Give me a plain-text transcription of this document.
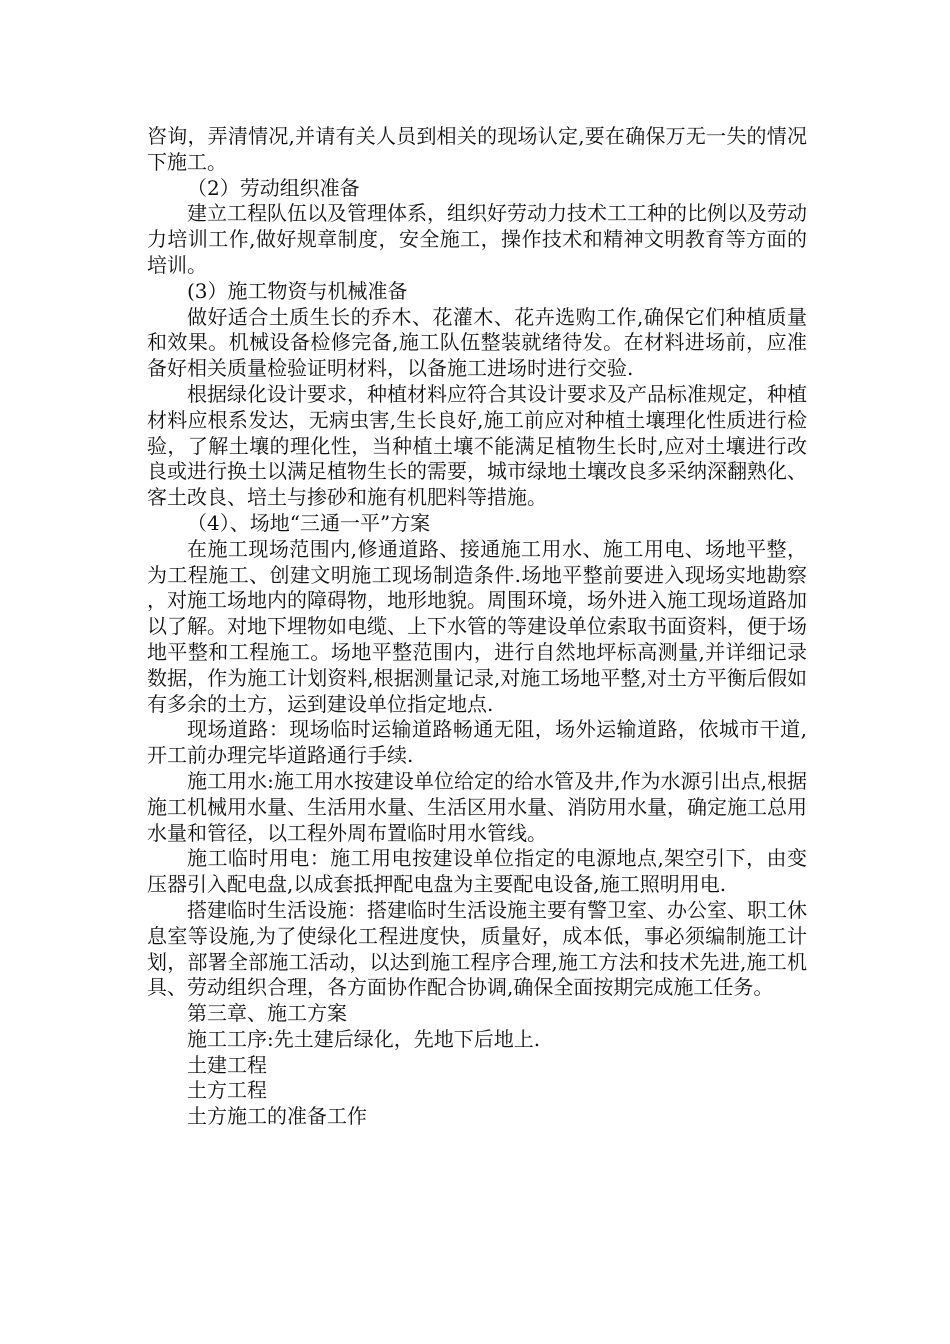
咨询，弄清情况,并请有关人员到相关的现场认定,要在确保万无一失的情况下施工。

（2）劳动组织准备

建立工程队伍以及管理体系，组织好劳动力技术工工种的比例以及劳动力培训工作,做好规章制度，安全施工，操作技术和精神文明教育等方面的培训。

(3）施工物资与机械准备

做好适合土质生长的乔木、花灌木、花卉选购工作,确保它们种植质量和效果。机械设备检修完备,施工队伍整装就绪待发。在材料进场前，应准备好相关质量检验证明材料，以备施工进场时进行交验.

根据绿化设计要求，种植材料应符合其设计要求及产品标准规定，种植材料应根系发达，无病虫害,生长良好,施工前应对种植土壤理化性质进行检验，了解土壤的理化性，当种植土壤不能满足植物生长时,应对土壤进行改良或进行换土以满足植物生长的需要，城市绿地土壤改良多采纳深翻熟化、客土改良、培土与掺砂和施有机肥料等措施。

（4）、场地“三通一平”方案

在施工现场范围内,修通道路、接通施工用水、施工用电、场地平整，为工程施工、创建文明施工现场制造条件.场地平整前要进入现场实地勘察，对施工场地内的障碍物，地形地貌。周围环境，场外进入施工现场道路加以了解。对地下埋物如电缆、上下水管的等建设单位索取书面资料，便于场地平整和工程施工。场地平整范围内，进行自然地坪标高测量,并详细记录数据，作为施工计划资料,根据测量记录,对施工场地平整,对土方平衡后假如有多余的土方，运到建设单位指定地点.

现场道路：现场临时运输道路畅通无阻，场外运输道路，依城市干道,开工前办理完毕道路通行手续.

施工用水:施工用水按建设单位给定的给水管及井,作为水源引出点,根据施工机械用水量、生活用水量、生活区用水量、消防用水量，确定施工总用水量和管径，以工程外周布置临时用水管线。

施工临时用电：施工用电按建设单位指定的电源地点,架空引下，由变压器引入配电盘,以成套抵押配电盘为主要配电设备,施工照明用电.

搭建临时生活设施：搭建临时生活设施主要有警卫室、办公室、职工休息室等设施,为了使绿化工程进度快，质量好，成本低，事必须编制施工计划，部署全部施工活动，以达到施工程序合理,施工方法和技术先进,施工机具、劳动组织合理，各方面协作配合协调,确保全面按期完成施工任务。

第三章、施工方案

施工工序:先土建后绿化，先地下后地上.

土建工程

土方工程

土方施工的准备工作
